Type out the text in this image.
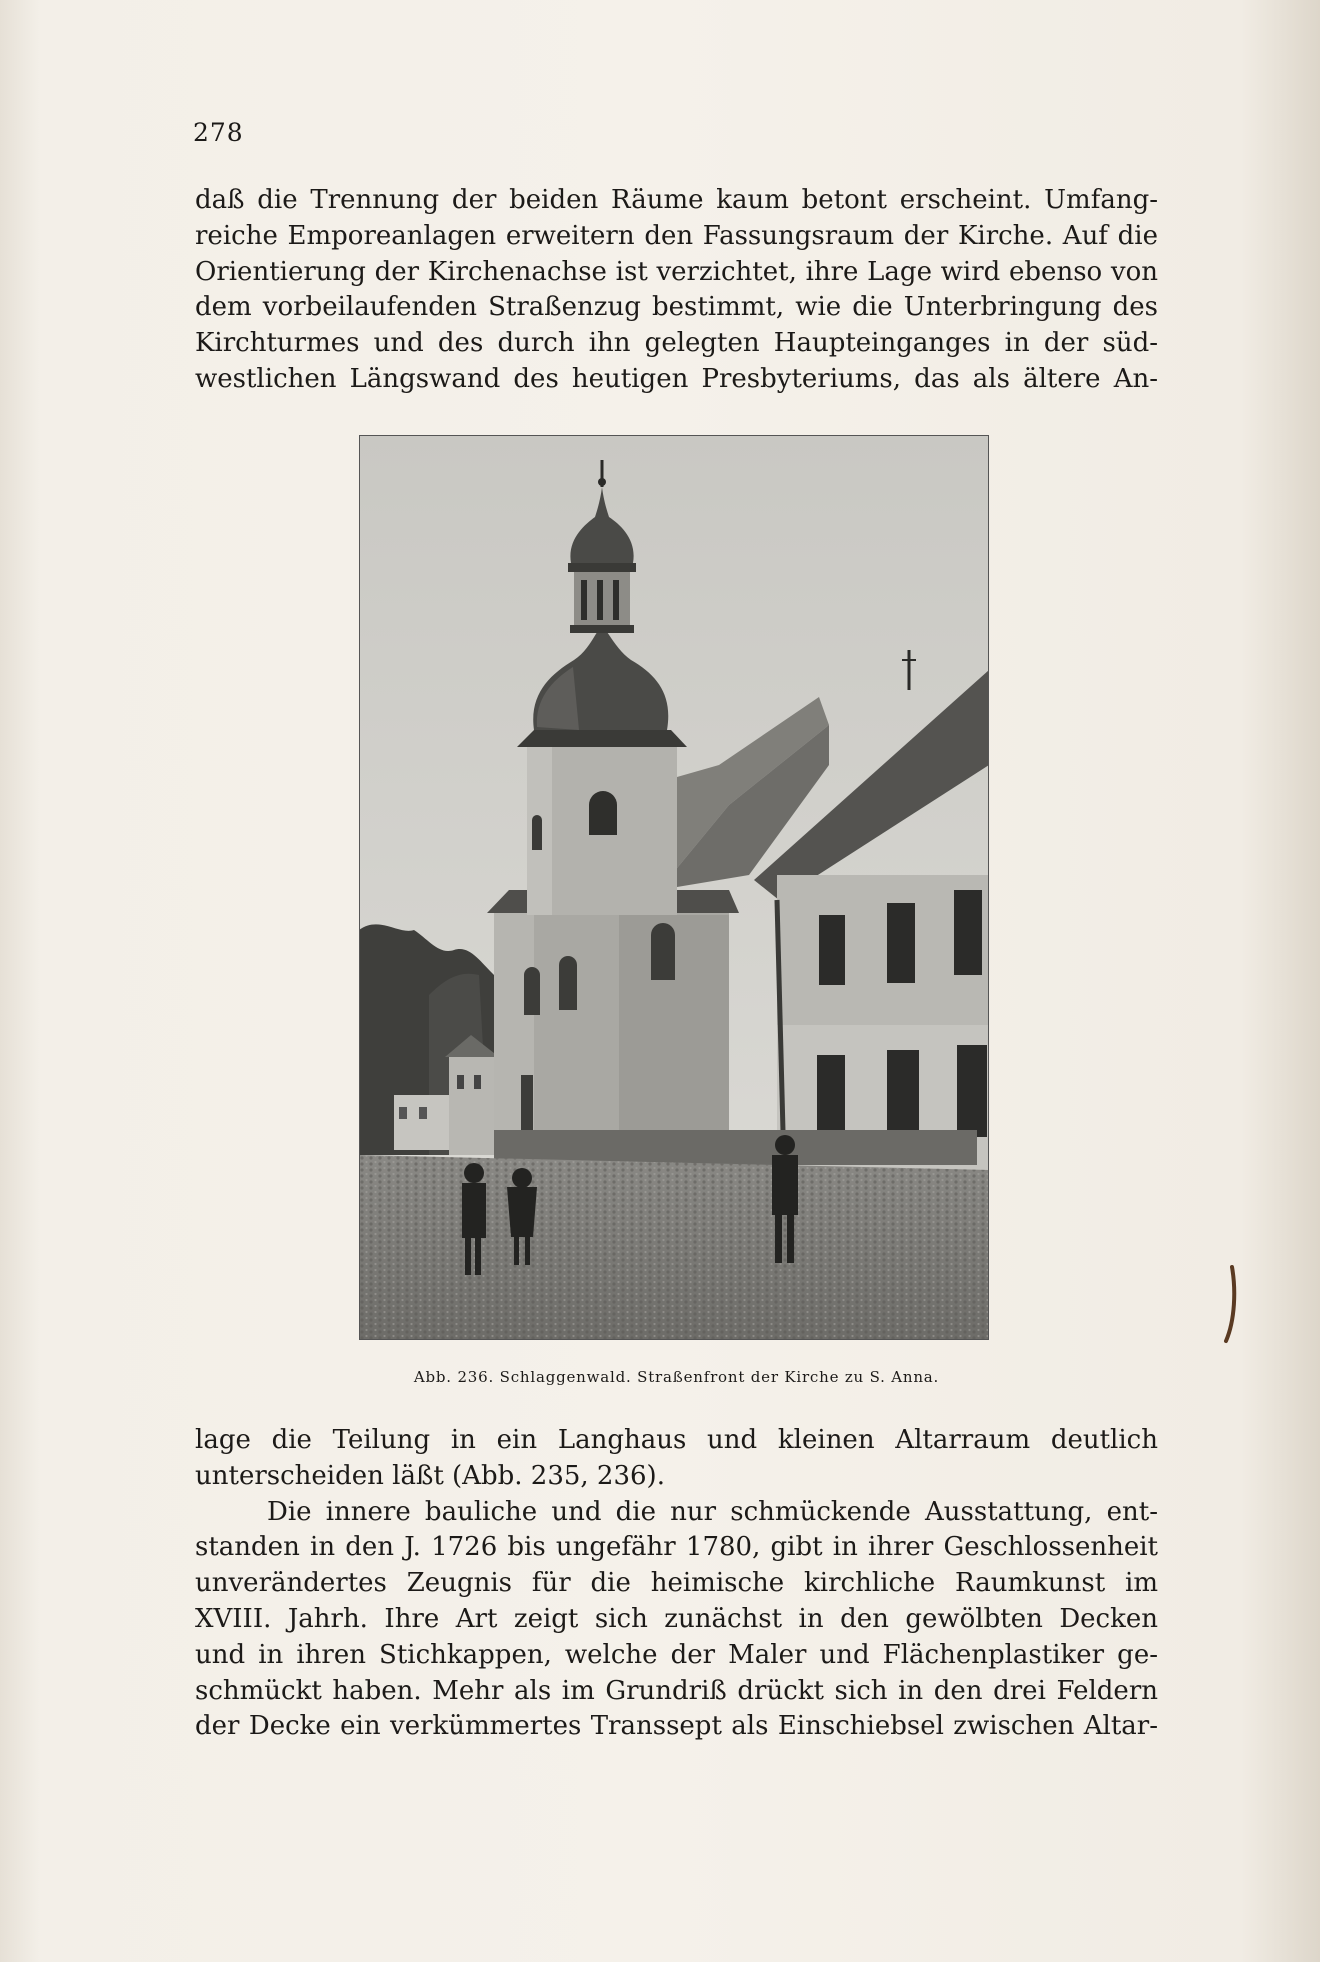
278
daß die Trennung der beiden Räume kaum betont erscheint. Umfang-
reiche Emporeanlagen erweitern den Fassungsraum der Kirche. Auf die
Orientierung der Kirchenachse ist verzichtet, ihre Lage wird ebenso von
dem vorbeilaufenden Straßenzug bestimmt, wie die Unterbringung des
Kirchturmes und des durch ihn gelegten Haupteinganges in der süd-
westlichen Längswand des heutigen Presbyteriums, das als ältere An-
Abb. 236. Schlaggenwald. Straßenfront der Kirche zu S. Anna.
lage die Teilung in ein Langhaus und kleinen Altarraum deutlich
unterscheiden läßt (Abb. 235, 236).
Die innere bauliche und die nur schmückende Ausstattung, ent-
standen in den J. 1726 bis ungefähr 1780, gibt in ihrer Geschlossenheit
unverändertes Zeugnis für die heimische kirchliche Raumkunst im
XVIII. Jahrh. Ihre Art zeigt sich zunächst in den gewölbten Decken
und in ihren Stichkappen, welche der Maler und Flächenplastiker ge-
schmückt haben. Mehr als im Grundriß drückt sich in den drei Feldern
der Decke ein verkümmertes Transsept als Einschiebsel zwischen Altar-
